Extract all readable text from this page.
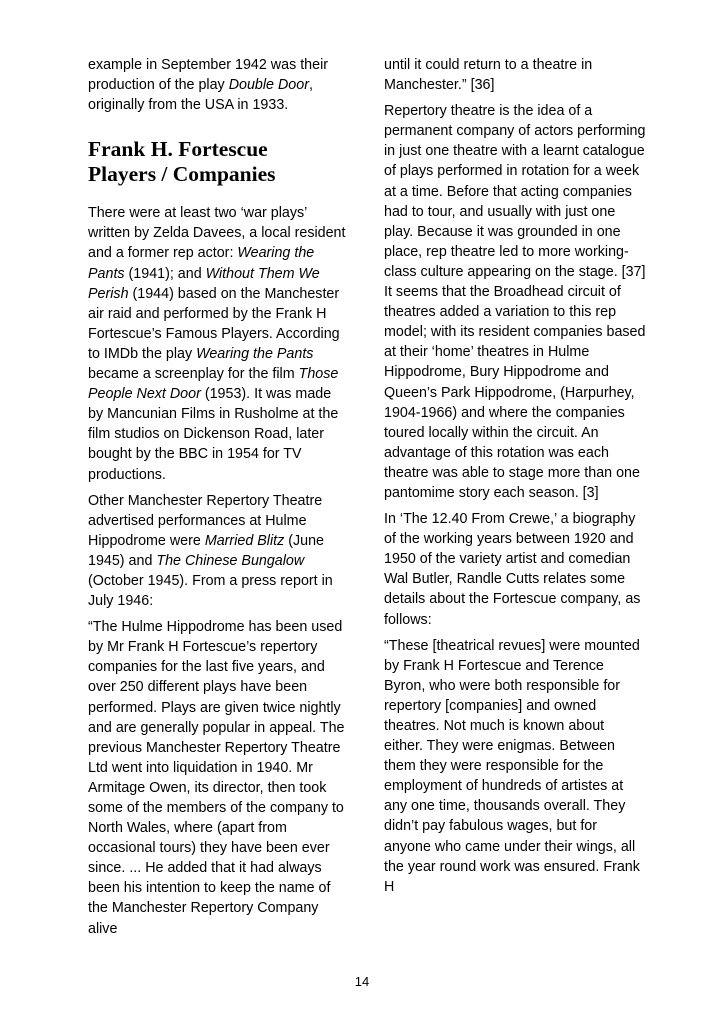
example in September 1942 was their production of the play Double Door, originally from the USA in 1933.

Frank H. Fortescue
Players / Companies

There were at least two ‘war plays’ written by Zelda Davees, a local resident and a former rep actor: Wearing the Pants (1941); and Without Them We Perish (1944) based on the Manchester air raid and performed by the Frank H Fortescue’s Famous Players. According to IMDb the play Wearing the Pants became a screenplay for the film Those People Next Door (1953). It was made by Mancunian Films in Rusholme at the film studios on Dickenson Road, later bought by the BBC in 1954 for TV productions.

Other Manchester Repertory Theatre advertised performances at Hulme Hippodrome were Married Blitz (June 1945) and The Chinese Bungalow (October 1945). From a press report in July 1946:

“The Hulme Hippodrome has been used by Mr Frank H Fortescue’s repertory companies for the last five years, and over 250 different plays have been performed. Plays are given twice nightly and are generally popular in appeal. The previous Manchester Repertory Theatre Ltd went into liquidation in 1940. Mr Armitage Owen, its director, then took some of the members of the company to North Wales, where (apart from occasional tours) they have been ever since. ... He added that it had always been his intention to keep the name of the Manchester Repertory Company alive

until it could return to a theatre in Manchester.” [36]

Repertory theatre is the idea of a permanent company of actors performing in just one theatre with a learnt catalogue of plays performed in rotation for a week at a time. Before that acting companies had to tour, and usually with just one play. Because it was grounded in one place, rep theatre led to more working-class culture appearing on the stage. [37] It seems that the Broadhead circuit of theatres added a variation to this rep model; with its resident companies based at their ‘home’ theatres in Hulme Hippodrome, Bury Hippodrome and Queen’s Park Hippodrome, (Harpurhey, 1904-1966) and where the companies toured locally within the circuit. An advantage of this rotation was each theatre was able to stage more than one pantomime story each season. [3]

In ‘The 12.40 From Crewe,’ a biography of the working years between 1920 and 1950 of the variety artist and comedian Wal Butler, Randle Cutts relates some details about the Fortescue company, as follows:

“These [theatrical revues] were mounted by Frank H Fortescue and Terence Byron, who were both responsible for repertory [companies] and owned theatres. Not much is known about either. They were enigmas. Between them they were responsible for the employment of hundreds of artistes at any one time, thousands overall. They didn’t pay fabulous wages, but for anyone who came under their wings, all the year round work was ensured. Frank H

14
